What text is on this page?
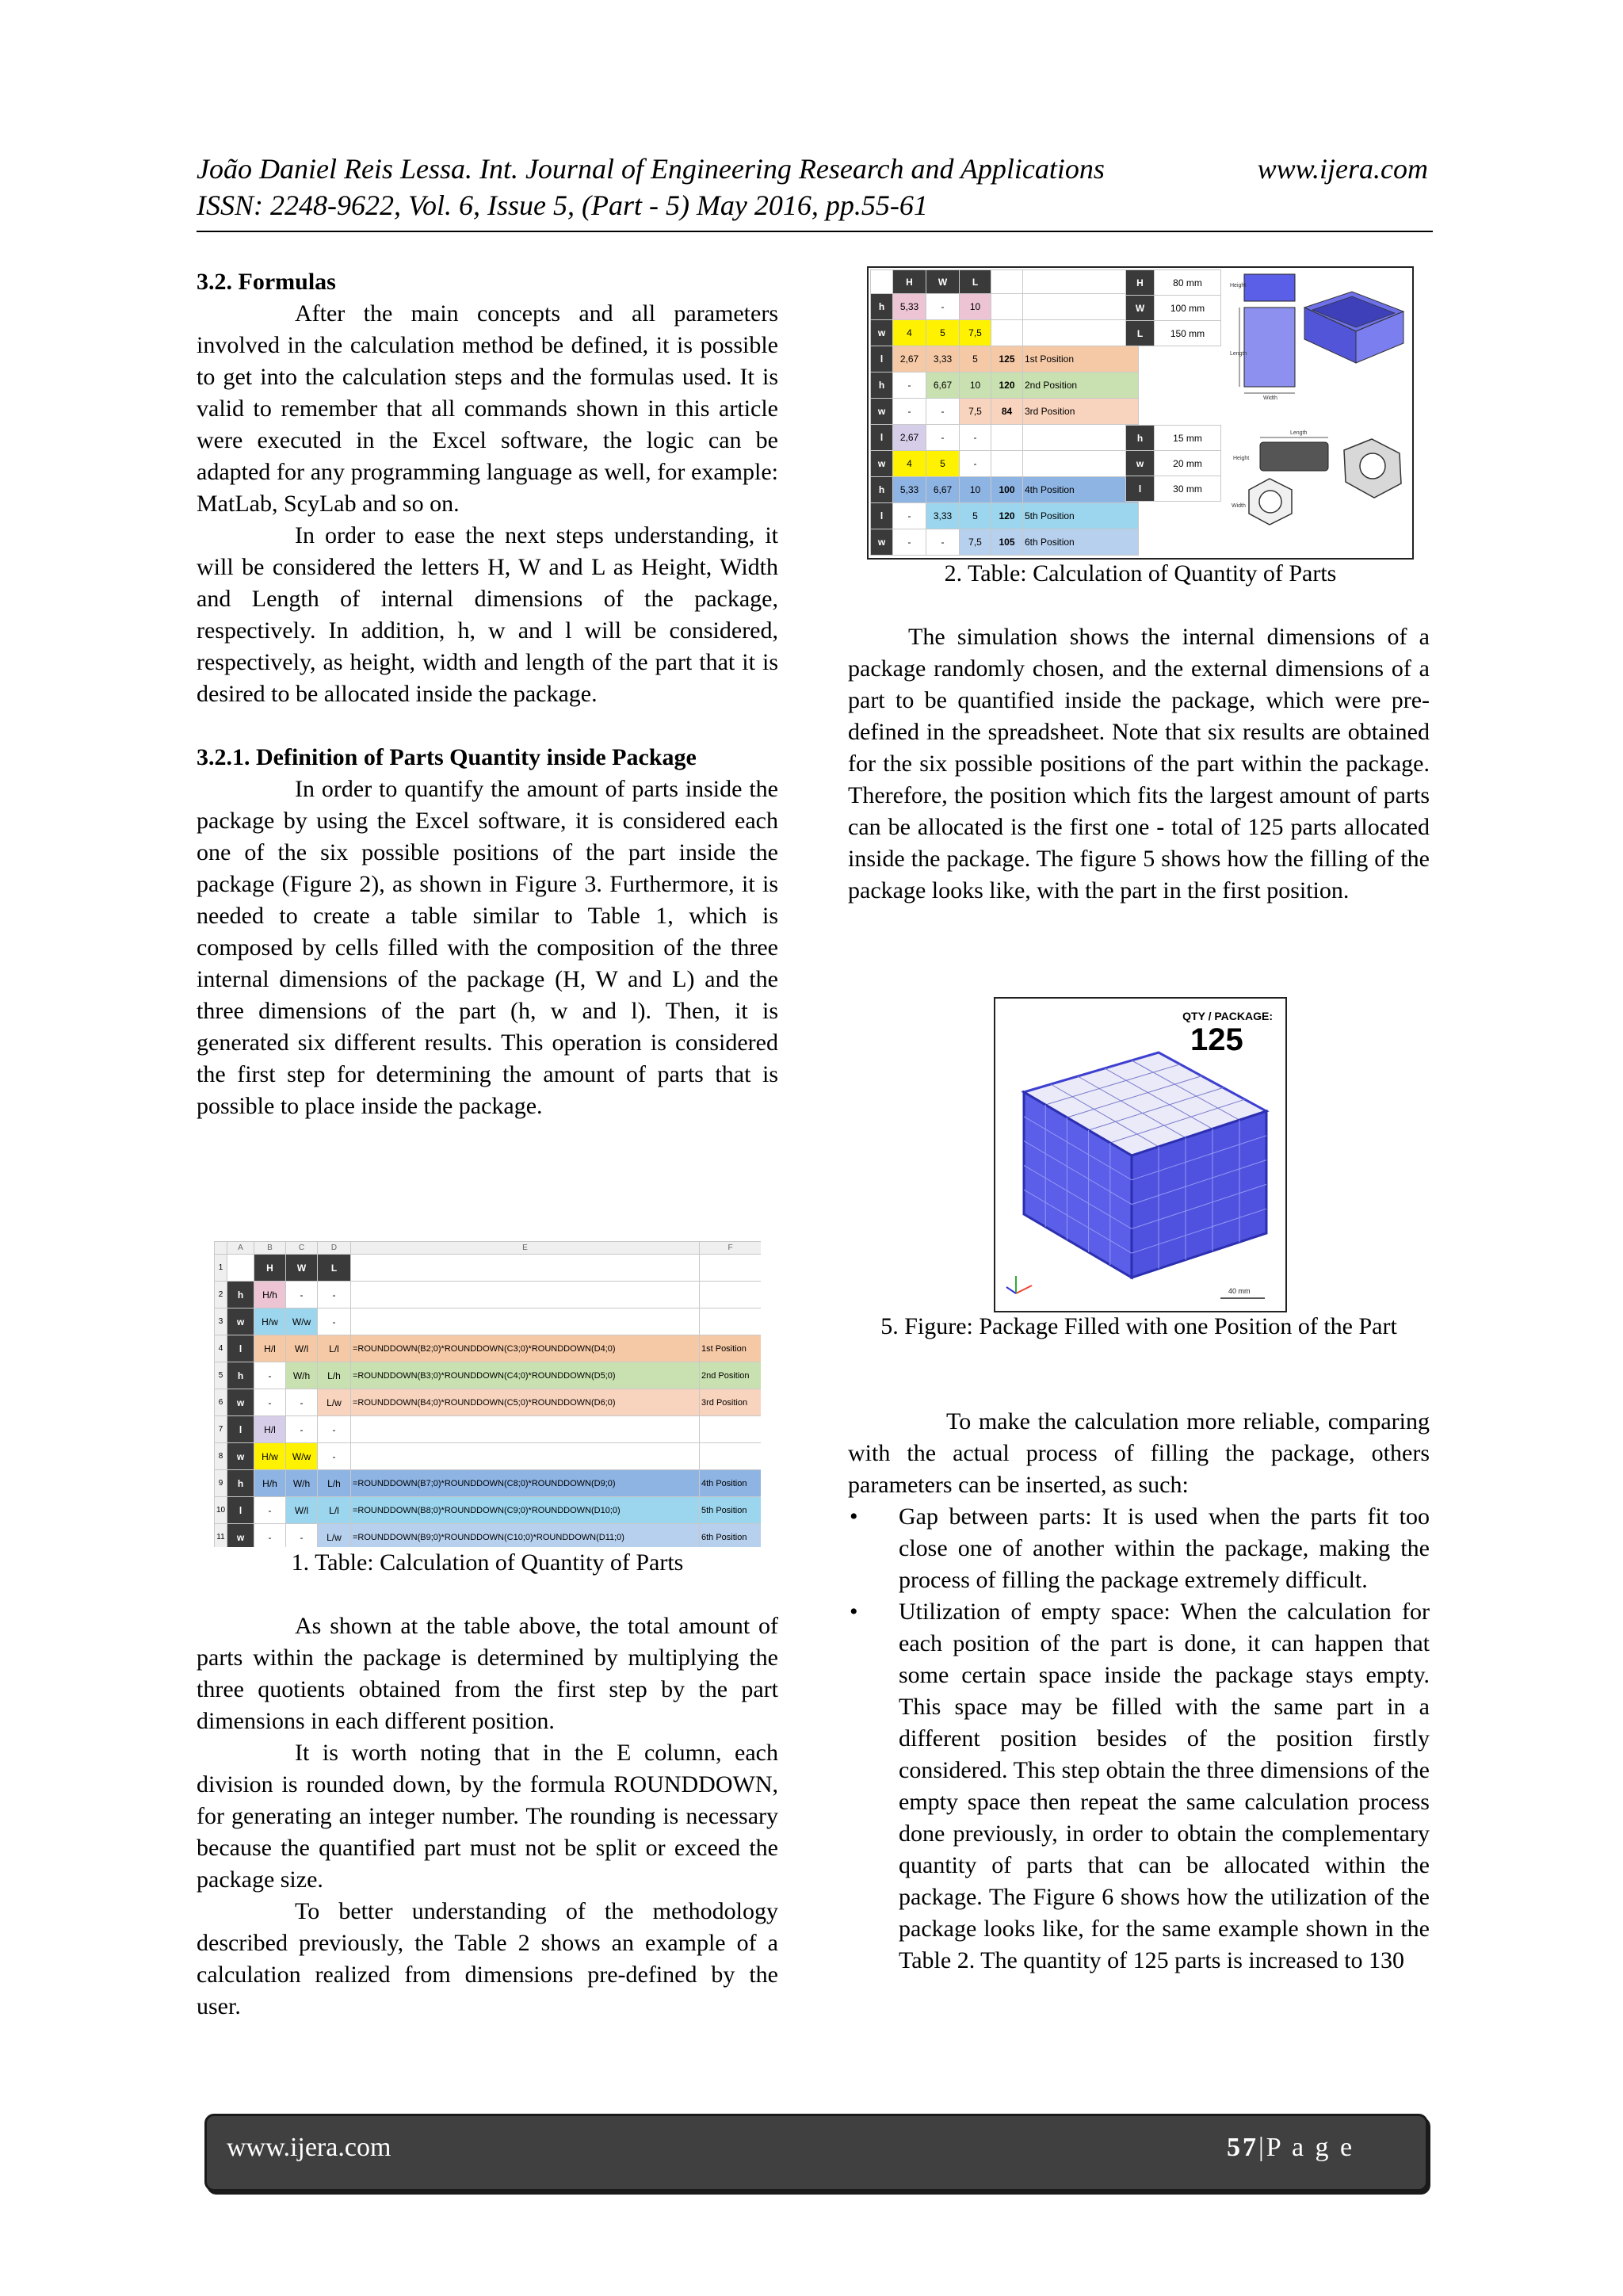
João Daniel Reis Lessa. Int. Journal of Engineering Research and Applications
ISSN: 2248-9622, Vol. 6, Issue 5, (Part - 5) May 2016, pp.55-61
www.ijera.com
3.2. Formulas

After the main concepts and all parameters involved in the calculation method be defined, it is possible to get into the calculation steps and the formulas used. It is valid to remember that all commands shown in this article were executed in the Excel software, the logic can be adapted for any programming language as well, for example: MatLab, ScyLab and so on.

In order to ease the next steps understanding, it will be considered the letters H, W and L as Height, Width and Length of internal dimensions of the package, respectively. In addition, h, w and l will be considered, respectively, as height, width and length of the part that it is desired to be allocated inside the package.

3.2.1. Definition of Parts Quantity inside Package

In order to quantify the amount of parts inside the package by using the Excel software, it is considered each one of the six possible positions of the part inside the package (Figure 2), as shown in Figure 3. Furthermore, it is needed to create a table similar to Table 1, which is composed by cells filled with the composition of the three internal dimensions of the package (H, W and L) and the three dimensions of the part (h, w and l). Then, it is generated six different results. This operation is considered the first step for determining the amount of parts that is possible to place inside the package.

	A	B	C	D	E	F
1		H	W	L		
2	h	H/h	-	-		
3	w	H/w	W/w	-		
4	l	H/l	W/l	L/l	=ROUNDDOWN(B2;0)*ROUNDDOWN(C3;0)*ROUNDDOWN(D4;0)	1st Position
5	h	-	W/h	L/h	=ROUNDDOWN(B3;0)*ROUNDDOWN(C4;0)*ROUNDDOWN(D5;0)	2nd Position
6	w	-	-	L/w	=ROUNDDOWN(B4;0)*ROUNDDOWN(C5;0)*ROUNDDOWN(D6;0)	3rd Position
7	l	H/l	-	-		
8	w	H/w	W/w	-		
9	h	H/h	W/h	L/h	=ROUNDDOWN(B7;0)*ROUNDDOWN(C8;0)*ROUNDDOWN(D9;0)	4th Position
10	l	-	W/l	L/l	=ROUNDDOWN(B8;0)*ROUNDDOWN(C9;0)*ROUNDDOWN(D10;0)	5th Position
11	w	-	-	L/w	=ROUNDDOWN(B9;0)*ROUNDDOWN(C10;0)*ROUNDDOWN(D11;0)	6th Position
1. Table: Calculation of Quantity of Parts

As shown at the table above, the total amount of parts within the package is determined by multiplying the three quotients obtained from the first step by the part dimensions in each different position.

It is worth noting that in the E column, each division is rounded down, by the formula ROUNDDOWN, for generating an integer number. The rounding is necessary because the quantified part must not be split or exceed the package size.

To better understanding of the methodology described previously, the Table 2 shows an example of a calculation realized from dimensions pre-defined by the user.

	H	W	L		
h	5,33	-	10		
w	4	5	7,5		
l	2,67	3,33	5	125	1st Position
h	-	6,67	10	120	2nd Position
w	-	-	7,5	84	3rd Position
l	2,67	-	-		
w	4	5	-		
h	5,33	6,67	10	100	4th Position
l	-	3,33	5	120	5th Position
w	-	-	7,5	105	6th Position
H	80 mm
W	100 mm
L	150 mm
h	15 mm
w	20 mm
l	30 mm
Height
Length
Width
Length
Height
Width
2. Table: Calculation of Quantity of Parts

The simulation shows the internal dimensions of a package randomly chosen, and the external dimensions of a part to be quantified inside the package, which were pre-defined in the spreadsheet. Note that six results are obtained for the six possible positions of the part within the package. Therefore, the position which fits the largest amount of parts can be allocated is the first one - total of 125 parts allocated inside the package. The figure 5 shows how the filling of the package looks like, with the part in the first position.

QTY / PACKAGE:
125
40 mm
5. Figure: Package Filled with one Position of the Part

To make the calculation more reliable, comparing with the actual process of filling the package, others parameters can be inserted, as such:

• Gap between parts: It is used when the parts fit too close one of another within the package, making the process of filling the package extremely difficult.
• Utilization of empty space: When the calculation for each position of the part is done, it can happen that some certain space inside the package stays empty. This space may be filled with the same part in a different position besides of the position firstly considered. This step obtain the three dimensions of the empty space then repeat the same calculation process done previously, in order to obtain the complementary quantity of parts that can be allocated within the package. The Figure 6 shows how the utilization of the package looks like, for the same example shown in the Table 2. The quantity of 125 parts is increased to 130
www.ijera.com	57|P a g e
